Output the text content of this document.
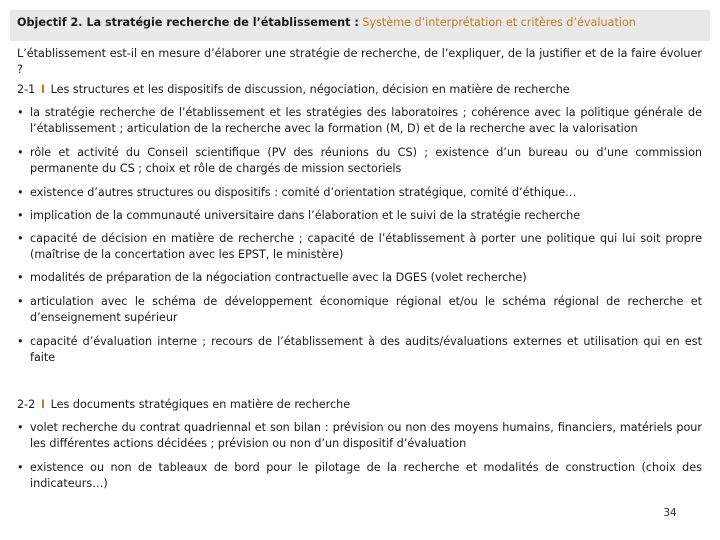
Objectif 2. La stratégie recherche de l’établissement : Système d’interprétation et critères d’évaluation
L’établissement est-il en mesure d’élaborer une stratégie de recherche, de l’expliquer, de la justifier et de la faire évoluer ?
2-1 I Les structures et les dispositifs de discussion, négociation, décision en matière de recherche
• la stratégie recherche de l’établissement et les stratégies des laboratoires ; cohérence avec la politique générale de l’établissement ; articulation de la recherche avec la formation (M, D) et de la recherche avec la valorisation
• rôle et activité du Conseil scientifique (PV des réunions du CS) ; existence d’un bureau ou d’une commission permanente du CS ; choix et rôle de chargés de mission sectoriels
• existence d’autres structures ou dispositifs : comité d’orientation stratégique, comité d’éthique…
• implication de la communauté universitaire dans l’élaboration et le suivi de la stratégie recherche
• capacité de décision en matière de recherche ; capacité de l’établissement à porter une politique qui lui soit propre (maîtrise de la concertation avec les EPST, le ministère)
• modalités de préparation de la négociation contractuelle avec la DGES (volet recherche)
• articulation avec le schéma de développement économique régional et/ou le schéma régional de recherche et d’enseignement supérieur
• capacité d’évaluation interne ; recours de l’établissement à des audits/évaluations externes et utilisation qui en est faite
2-2 I Les documents stratégiques en matière de recherche
• volet recherche du contrat quadriennal et son bilan : prévision ou non des moyens humains, financiers, matériels pour les différentes actions décidées ; prévision ou non d’un dispositif d’évaluation
• existence ou non de tableaux de bord pour le pilotage de la recherche et modalités de construction (choix des indicateurs…)
34
